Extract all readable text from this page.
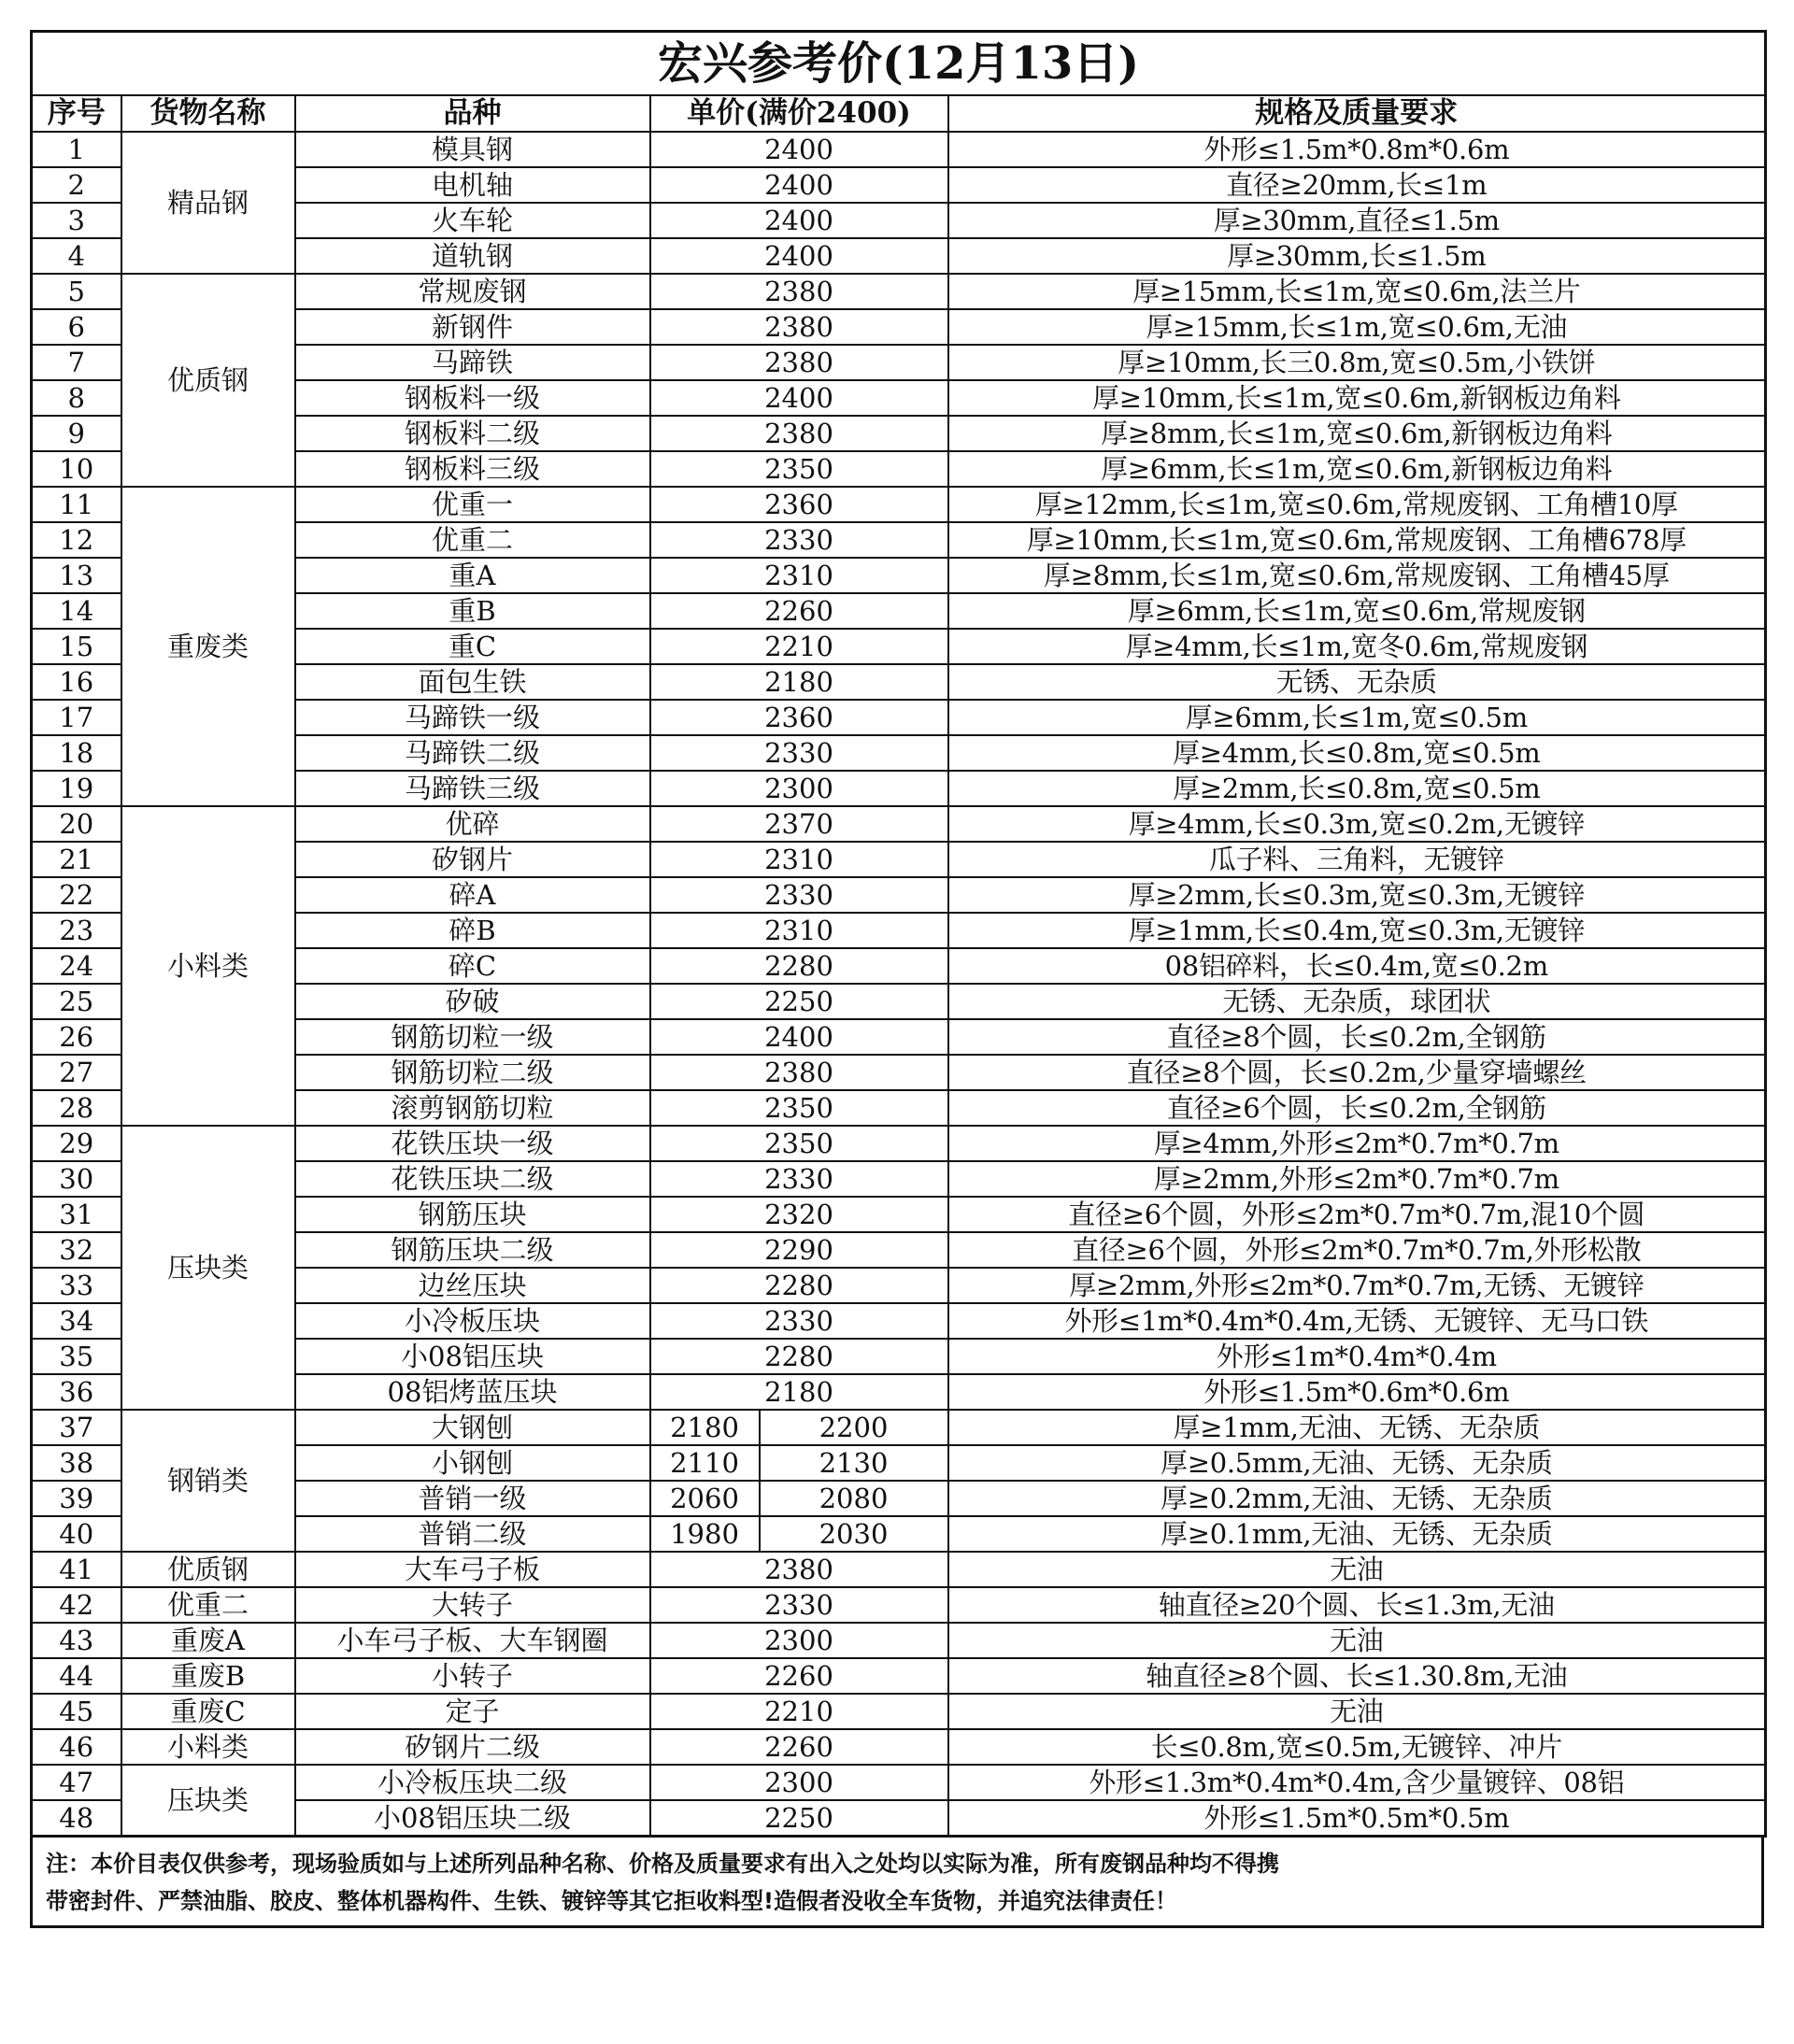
宏兴参考价(12月13日)					
序号	货物名称	品种	单价(满价2400)		规格及质量要求
1	精品钢	模具钢	2400		外形≤1.5m*0.8m*0.6m
2		电机轴	2400		直径≥20mm,长≤1m
3		火车轮	2400		厚≥30mm,直径≤1.5m
4		道轨钢	2400		厚≥30mm,长≤1.5m
5	优质钢	常规废钢	2380		厚≥15mm,长≤1m,宽≤0.6m,法兰片
6		新钢件	2380		厚≥15mm,长≤1m,宽≤0.6m,无油
7		马蹄铁	2380		厚≥10mm,长三0.8m,宽≤0.5m,小铁饼
8		钢板料一级	2400		厚≥10mm,长≤1m,宽≤0.6m,新钢板边角料
9		钢板料二级	2380		厚≥8mm,长≤1m,宽≤0.6m,新钢板边角料
10		钢板料三级	2350		厚≥6mm,长≤1m,宽≤0.6m,新钢板边角料
11	重废类	优重一	2360		厚≥12mm,长≤1m,宽≤0.6m,常规废钢、工角槽10厚
12		优重二	2330		厚≥10mm,长≤1m,宽≤0.6m,常规废钢、工角槽678厚
13		重A	2310		厚≥8mm,长≤1m,宽≤0.6m,常规废钢、工角槽45厚
14		重B	2260		厚≥6mm,长≤1m,宽≤0.6m,常规废钢
15		重C	2210		厚≥4mm,长≤1m,宽冬0.6m,常规废钢
16		面包生铁	2180		无锈、无杂质
17		马蹄铁一级	2360		厚≥6mm,长≤1m,宽≤0.5m
18		马蹄铁二级	2330		厚≥4mm,长≤0.8m,宽≤0.5m
19		马蹄铁三级	2300		厚≥2mm,长≤0.8m,宽≤0.5m
20	小料类	优碎	2370		厚≥4mm,长≤0.3m,宽≤0.2m,无镀锌
21		矽钢片	2310		瓜子料、三角料，无镀锌
22		碎A	2330		厚≥2mm,长≤0.3m,宽≤0.3m,无镀锌
23		碎B	2310		厚≥1mm,长≤0.4m,宽≤0.3m,无镀锌
24		碎C	2280		08铝碎料，长≤0.4m,宽≤0.2m
25		矽破	2250		无锈、无杂质，球团状
26		钢筋切粒一级	2400		直径≥8个圆，长≤0.2m,全钢筋
27		钢筋切粒二级	2380		直径≥8个圆，长≤0.2m,少量穿墙螺丝
28		滚剪钢筋切粒	2350		直径≥6个圆，长≤0.2m,全钢筋
29	压块类	花铁压块一级	2350		厚≥4mm,外形≤2m*0.7m*0.7m
30		花铁压块二级	2330		厚≥2mm,外形≤2m*0.7m*0.7m
31		钢筋压块	2320		直径≥6个圆，外形≤2m*0.7m*0.7m,混10个圆
32		钢筋压块二级	2290		直径≥6个圆，外形≤2m*0.7m*0.7m,外形松散
33		边丝压块	2280		厚≥2mm,外形≤2m*0.7m*0.7m,无锈、无镀锌
34		小冷板压块	2330		外形≤1m*0.4m*0.4m,无锈、无镀锌、无马口铁
35		小08铝压块	2280		外形≤1m*0.4m*0.4m
36		08铝烤蓝压块	2180		外形≤1.5m*0.6m*0.6m
37	钢销类	大钢刨	2180	2200	厚≥1mm,无油、无锈、无杂质
38		小钢刨	2110	2130	厚≥0.5mm,无油、无锈、无杂质
39		普销一级	2060	2080	厚≥0.2mm,无油、无锈、无杂质
40		普销二级	1980	2030	厚≥0.1mm,无油、无锈、无杂质
41	优质钢	大车弓子板	2380		无油
42	优重二	大转子	2330		轴直径≥20个圆、长≤1.3m,无油
43	重废A	小车弓子板、大车钢圈	2300		无油
44	重废B	小转子	2260		轴直径≥8个圆、长≤1.30.8m,无油
45	重废C	定子	2210		无油
46	小料类	矽钢片二级	2260		长≤0.8m,宽≤0.5m,无镀锌、冲片
47	压块类	小冷板压块二级	2300		外形≤1.3m*0.4m*0.4m,含少量镀锌、08铝
48		小08铝压块二级	2250		外形≤1.5m*0.5m*0.5m
注：本价目表仅供参考，现场验质如与上述所列品种名称、价格及质量要求有出入之处均以实际为准，所有废钢品种均不得携
带密封件、严禁油脂、胶皮、整体机器构件、生铁、镀锌等其它拒收料型!造假者没收全车货物，并追究法律责任！
